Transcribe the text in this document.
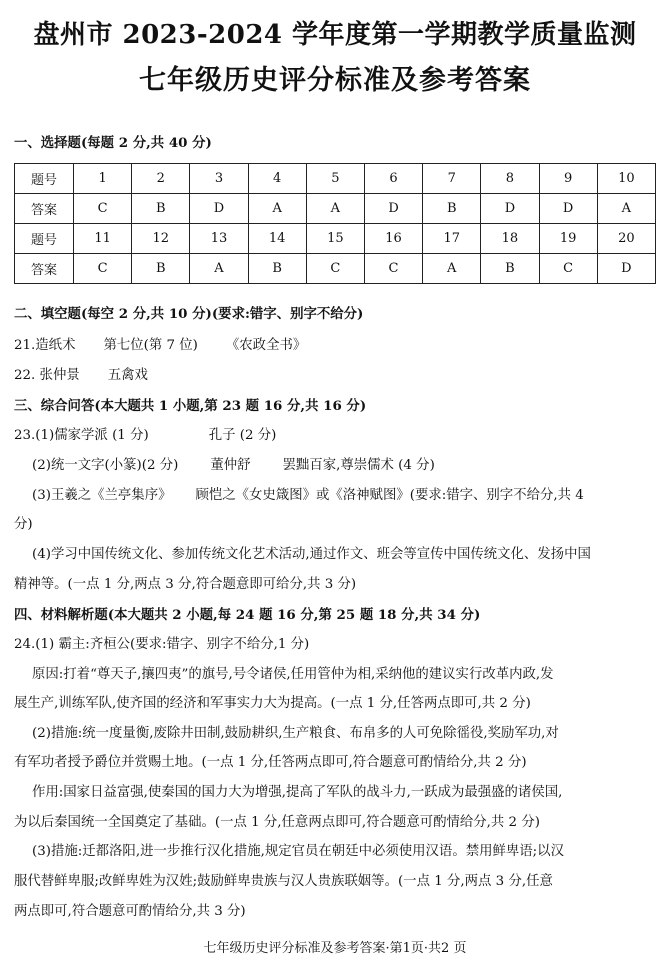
盘州市 2023-2024 学年度第一学期教学质量监测
七年级历史评分标准及参考答案
一、选择题(每题 2 分,共 40 分)
题号	1	2	3	4	5	6	7	8	9	10
答案	C	B	D	A	A	D	B	D	D	A
题号	11	12	13	14	15	16	17	18	19	20
答案	C	B	A	B	C	C	A	B	C	D
二、填空题(每空 2 分,共 10 分)(要求:错字、别字不给分)
21.造纸术 第七位(第 7 位) 《农政全书》
22. 张仲景 五禽戏
三、综合问答(本大题共 1 小题,第 23 题 16 分,共 16 分)
23.(1)儒家学派 (1 分)	孔子 (2 分)
(2)统一文字(小篆)(2 分) 董仲舒 罢黜百家,尊崇儒术 (4 分)
(3)王羲之《兰亭集序》 顾恺之《女史箴图》或《洛神赋图》(要求:错字、别字不给分,共 4
分)
(4)学习中国传统文化、参加传统文化艺术活动,通过作文、班会等宣传中国传统文化、发扬中国
精神等。(一点 1 分,两点 3 分,符合题意即可给分,共 3 分)
四、材料解析题(本大题共 2 小题,每 24 题 16 分,第 25 题 18 分,共 34 分)
24.(1) 霸主:齐桓公(要求:错字、别字不给分,1 分)
原因:打着“尊天子,攘四夷”的旗号,号令诸侯,任用管仲为相,采纳他的建议实行改革内政,发
展生产,训练军队,使齐国的经济和军事实力大为提高。(一点 1 分,任答两点即可,共 2 分)
(2)措施:统一度量衡,废除井田制,鼓励耕织,生产粮食、布帛多的人可免除徭役,奖励军功,对
有军功者授予爵位并赏赐土地。(一点 1 分,任答两点即可,符合题意可酌情给分,共 2 分)
作用:国家日益富强,使秦国的国力大为增强,提高了军队的战斗力,一跃成为最强盛的诸侯国,
为以后秦国统一全国奠定了基础。(一点 1 分,任意两点即可,符合题意可酌情给分,共 2 分)
(3)措施:迁都洛阳,进一步推行汉化措施,规定官员在朝廷中必须使用汉语。禁用鲜卑语;以汉
服代替鲜卑服;改鲜卑姓为汉姓;鼓励鲜卑贵族与汉人贵族联姻等。(一点 1 分,两点 3 分,任意
两点即可,符合题意可酌情给分,共 3 分)
七年级历史评分标准及参考答案·第1页·共2 页
